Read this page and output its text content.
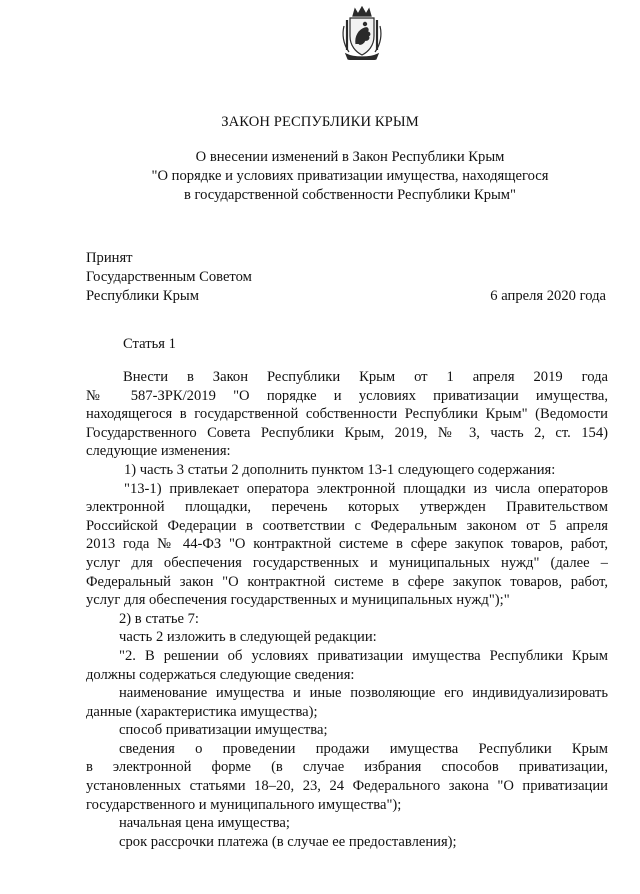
ЗАКОН РЕСПУБЛИКИ КРЫМ
О внесении изменений в Закон Республики Крым
"О порядке и условиях приватизации имущества, находящегося
в государственной собственности Республики Крым"
Принят
Государственным Советом
Республики Крым	6 апреля 2020 года
Статья 1
Внести в Закон Республики Крым от 1 апреля 2019 года
№ 587-ЗРК/2019 "О порядке и условиях приватизации имущества,
находящегося в государственной собственности Республики Крым" (Ведомости
Государственного Совета Республики Крым, 2019, № 3, часть 2, ст. 154)
следующие изменения:
1) часть 3 статьи 2 дополнить пунктом 13-1 следующего содержания:
"13-1) привлекает оператора электронной площадки из числа операторов
электронной площадки, перечень которых утвержден Правительством
Российской Федерации в соответствии с Федеральным законом от 5 апреля
2013 года № 44-ФЗ "О контрактной системе в сфере закупок товаров, работ,
услуг для обеспечения государственных и муниципальных нужд" (далее –
Федеральный закон "О контрактной системе в сфере закупок товаров, работ,
услуг для обеспечения государственных и муниципальных нужд");"
2) в статье 7:
часть 2 изложить в следующей редакции:
"2. В решении об условиях приватизации имущества Республики Крым
должны содержаться следующие сведения:
наименование имущества и иные позволяющие его индивидуализировать
данные (характеристика имущества);
способ приватизации имущества;
сведения о проведении продажи имущества Республики Крым
в электронной форме (в случае избрания способов приватизации,
установленных статьями 18–20, 23, 24 Федерального закона "О приватизации
государственного и муниципального имущества");
начальная цена имущества;
срок рассрочки платежа (в случае ее предоставления);
